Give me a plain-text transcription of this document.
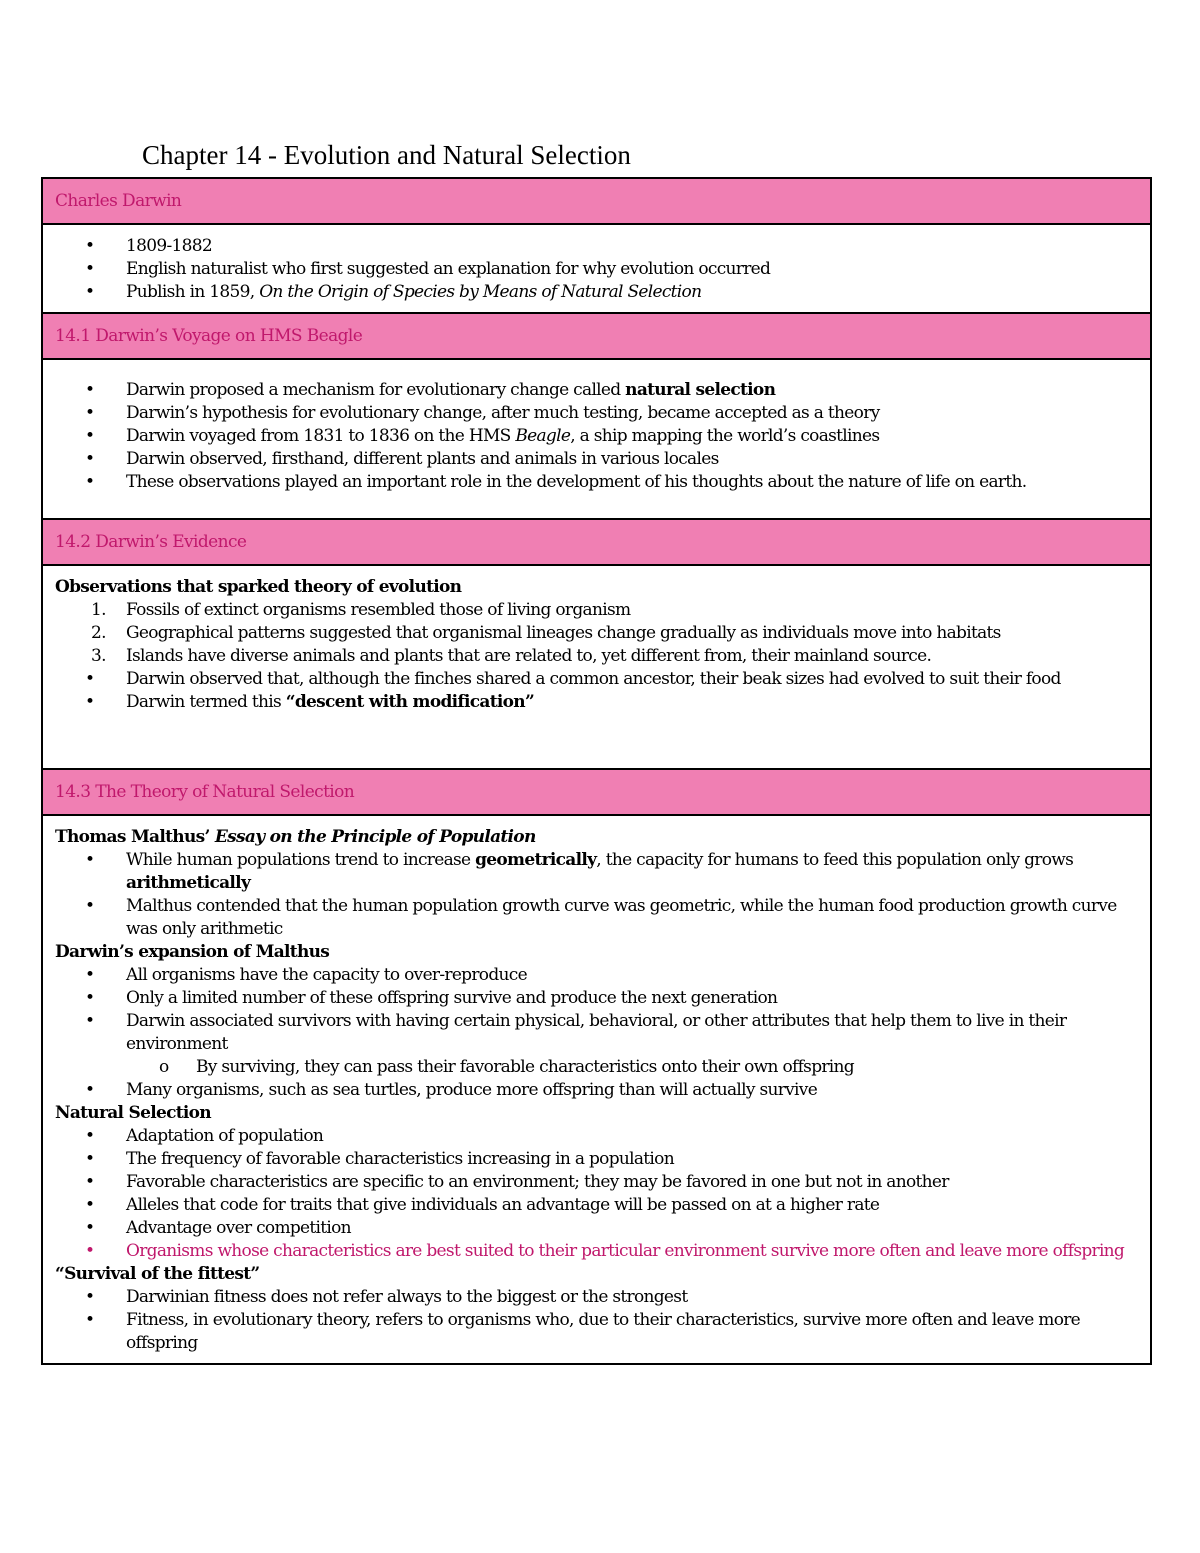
Chapter 14 - Evolution and Natural Selection
Charles Darwin
• 1809-1882
• English naturalist who first suggested an explanation for why evolution occurred
• Publish in 1859, On the Origin of Species by Means of Natural Selection
14.1 Darwin’s Voyage on HMS Beagle
• Darwin proposed a mechanism for evolutionary change called natural selection
• Darwin’s hypothesis for evolutionary change, after much testing, became accepted as a theory
• Darwin voyaged from 1831 to 1836 on the HMS Beagle, a ship mapping the world’s coastlines
• Darwin observed, firsthand, different plants and animals in various locales
• These observations played an important role in the development of his thoughts about the nature of life on earth.
14.2 Darwin’s Evidence
Observations that sparked theory of evolution
1. Fossils of extinct organisms resembled those of living organism
2. Geographical patterns suggested that organismal lineages change gradually as individuals move into habitats
3. Islands have diverse animals and plants that are related to, yet different from, their mainland source.
• Darwin observed that, although the finches shared a common ancestor, their beak sizes had evolved to suit their food
• Darwin termed this “descent with modification”
14.3 The Theory of Natural Selection
Thomas Malthus’ Essay on the Principle of Population
• While human populations trend to increase geometrically, the capacity for humans to feed this population only grows arithmetically
• Malthus contended that the human population growth curve was geometric, while the human food production growth curve was only arithmetic
Darwin’s expansion of Malthus
• All organisms have the capacity to over-reproduce
• Only a limited number of these offspring survive and produce the next generation
• Darwin associated survivors with having certain physical, behavioral, or other attributes that help them to live in their environment
o By surviving, they can pass their favorable characteristics onto their own offspring
• Many organisms, such as sea turtles, produce more offspring than will actually survive
Natural Selection
• Adaptation of population
• The frequency of favorable characteristics increasing in a population
• Favorable characteristics are specific to an environment; they may be favored in one but not in another
• Alleles that code for traits that give individuals an advantage will be passed on at a higher rate
• Advantage over competition
• Organisms whose characteristics are best suited to their particular environment survive more often and leave more offspring
“Survival of the fittest”
• Darwinian fitness does not refer always to the biggest or the strongest
• Fitness, in evolutionary theory, refers to organisms who, due to their characteristics, survive more often and leave more offspring
